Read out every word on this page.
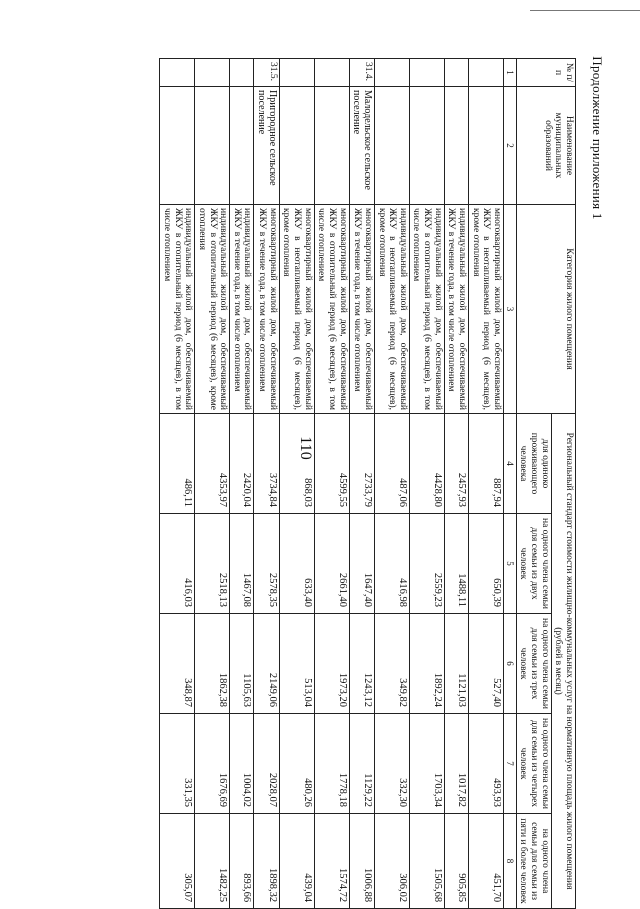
110
Продолжение приложения 1
№ п/п	Наименование муниципальных образований	Категория жилого помещения	Региональный стандарт стоимости жилищно-коммунальных услуг на нормативную площадь жилого помещения (рублей в месяц)				
			для одиноко проживающего человека	на одного члена семьи для семьи из двух человек	на одного члена семьи для семьи из трех человек	на одного члена семьи для семьи из четырех человек	на одного члена семьи для семьи из пяти и более человек
1	2	3	4	5	6	7	8
		многоквартирный жилой дом, обеспечиваемый ЖКУ в неотапливаемый период (6 месяцев), кроме отопления	887,94	650,39	527,40	493,93	451,70
		индивидуальный жилой дом, обеспечиваемый ЖКУ в течение года, в том числе отоплением	2457,93	1488,11	1121,03	1017,82	905,85
		индивидуальный жилой дом, обеспечиваемый ЖКУ в отопительный период (6 месяцев), в том числе отоплением	4428,80	2559,23	1892,24	1703,34	1505,68
		индивидуальный жилой дом, обеспечиваемый ЖКУ в неотапливаемый период (6 месяцев), кроме отопления	487,06	416,98	349,82	332,30	306,02
31.4.	Малодельское сельское поселение	многоквартирный жилой дом, обеспечиваемый ЖКУ в течение года, в том числе отоплением	2733,79	1647,40	1243,12	1129,22	1006,88
		многоквартирный жилой дом, обеспечиваемый ЖКУ в отопительный период (6 месяцев), в том числе отоплением	4599,55	2661,40	1973,20	1778,18	1574,72
		многоквартирный жилой дом, обеспечиваемый ЖКУ в неотапливаемый период (6 месяцев), кроме отопления	868,03	633,40	513,04	480,26	439,04
31.5.	Пригородное сельское поселение	многоквартирный жилой дом, обеспечиваемый ЖКУ в течение года, в том числе отоплением	3734,84	2578,35	2149,06	2028,07	1898,32
		индивидуальный жилой дом, обеспечиваемый ЖКУ в течение года, в том числе отоплением	2420,04	1467,08	1105,63	1004,02	893,66
		индивидуальный жилой дом, обеспечиваемый ЖКУ в отопительный период (6 месяцев), кроме отопления	4353,97	2518,13	1862,38	1676,69	1482,25
		индивидуальный жилой дом, обеспечиваемый ЖКУ в отопительный период (6 месяцев), в том числе отоплением	486,11	416,03	348,87	331,35	305,07
